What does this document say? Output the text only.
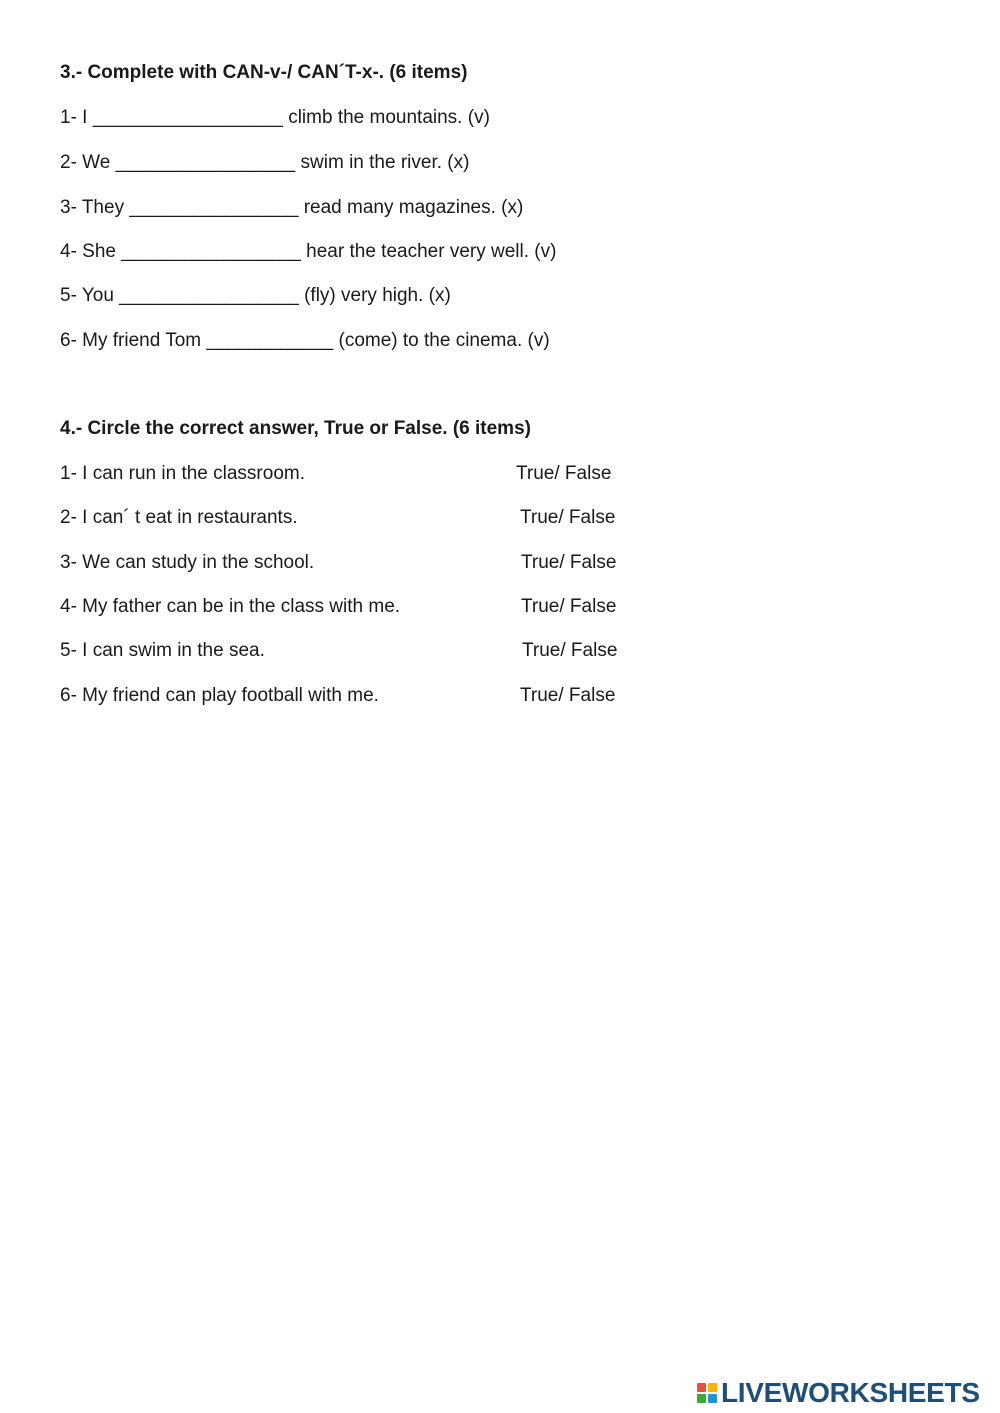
3.- Complete with CAN-v-/ CAN´T-x-. (6 items)
1- I __________________ climb the mountains. (v)
2- We _________________ swim in the river. (x)
3- They ________________ read many magazines. (x)
4- She _________________ hear the teacher very well. (v)
5- You _________________ (fly) very high. (x)
6- My friend Tom ____________ (come) to the cinema. (v)
4.- Circle the correct answer, True or False. (6 items)
1- I can run in the classroom.	True/ False
2- I can´ t eat in restaurants.	True/ False
3- We can study in the school.	True/ False
4- My father can be in the class with me.	True/ False
5- I can swim in the sea.	True/ False
6- My friend can play football with me.	True/ False
LIVEWORKSHEETS
